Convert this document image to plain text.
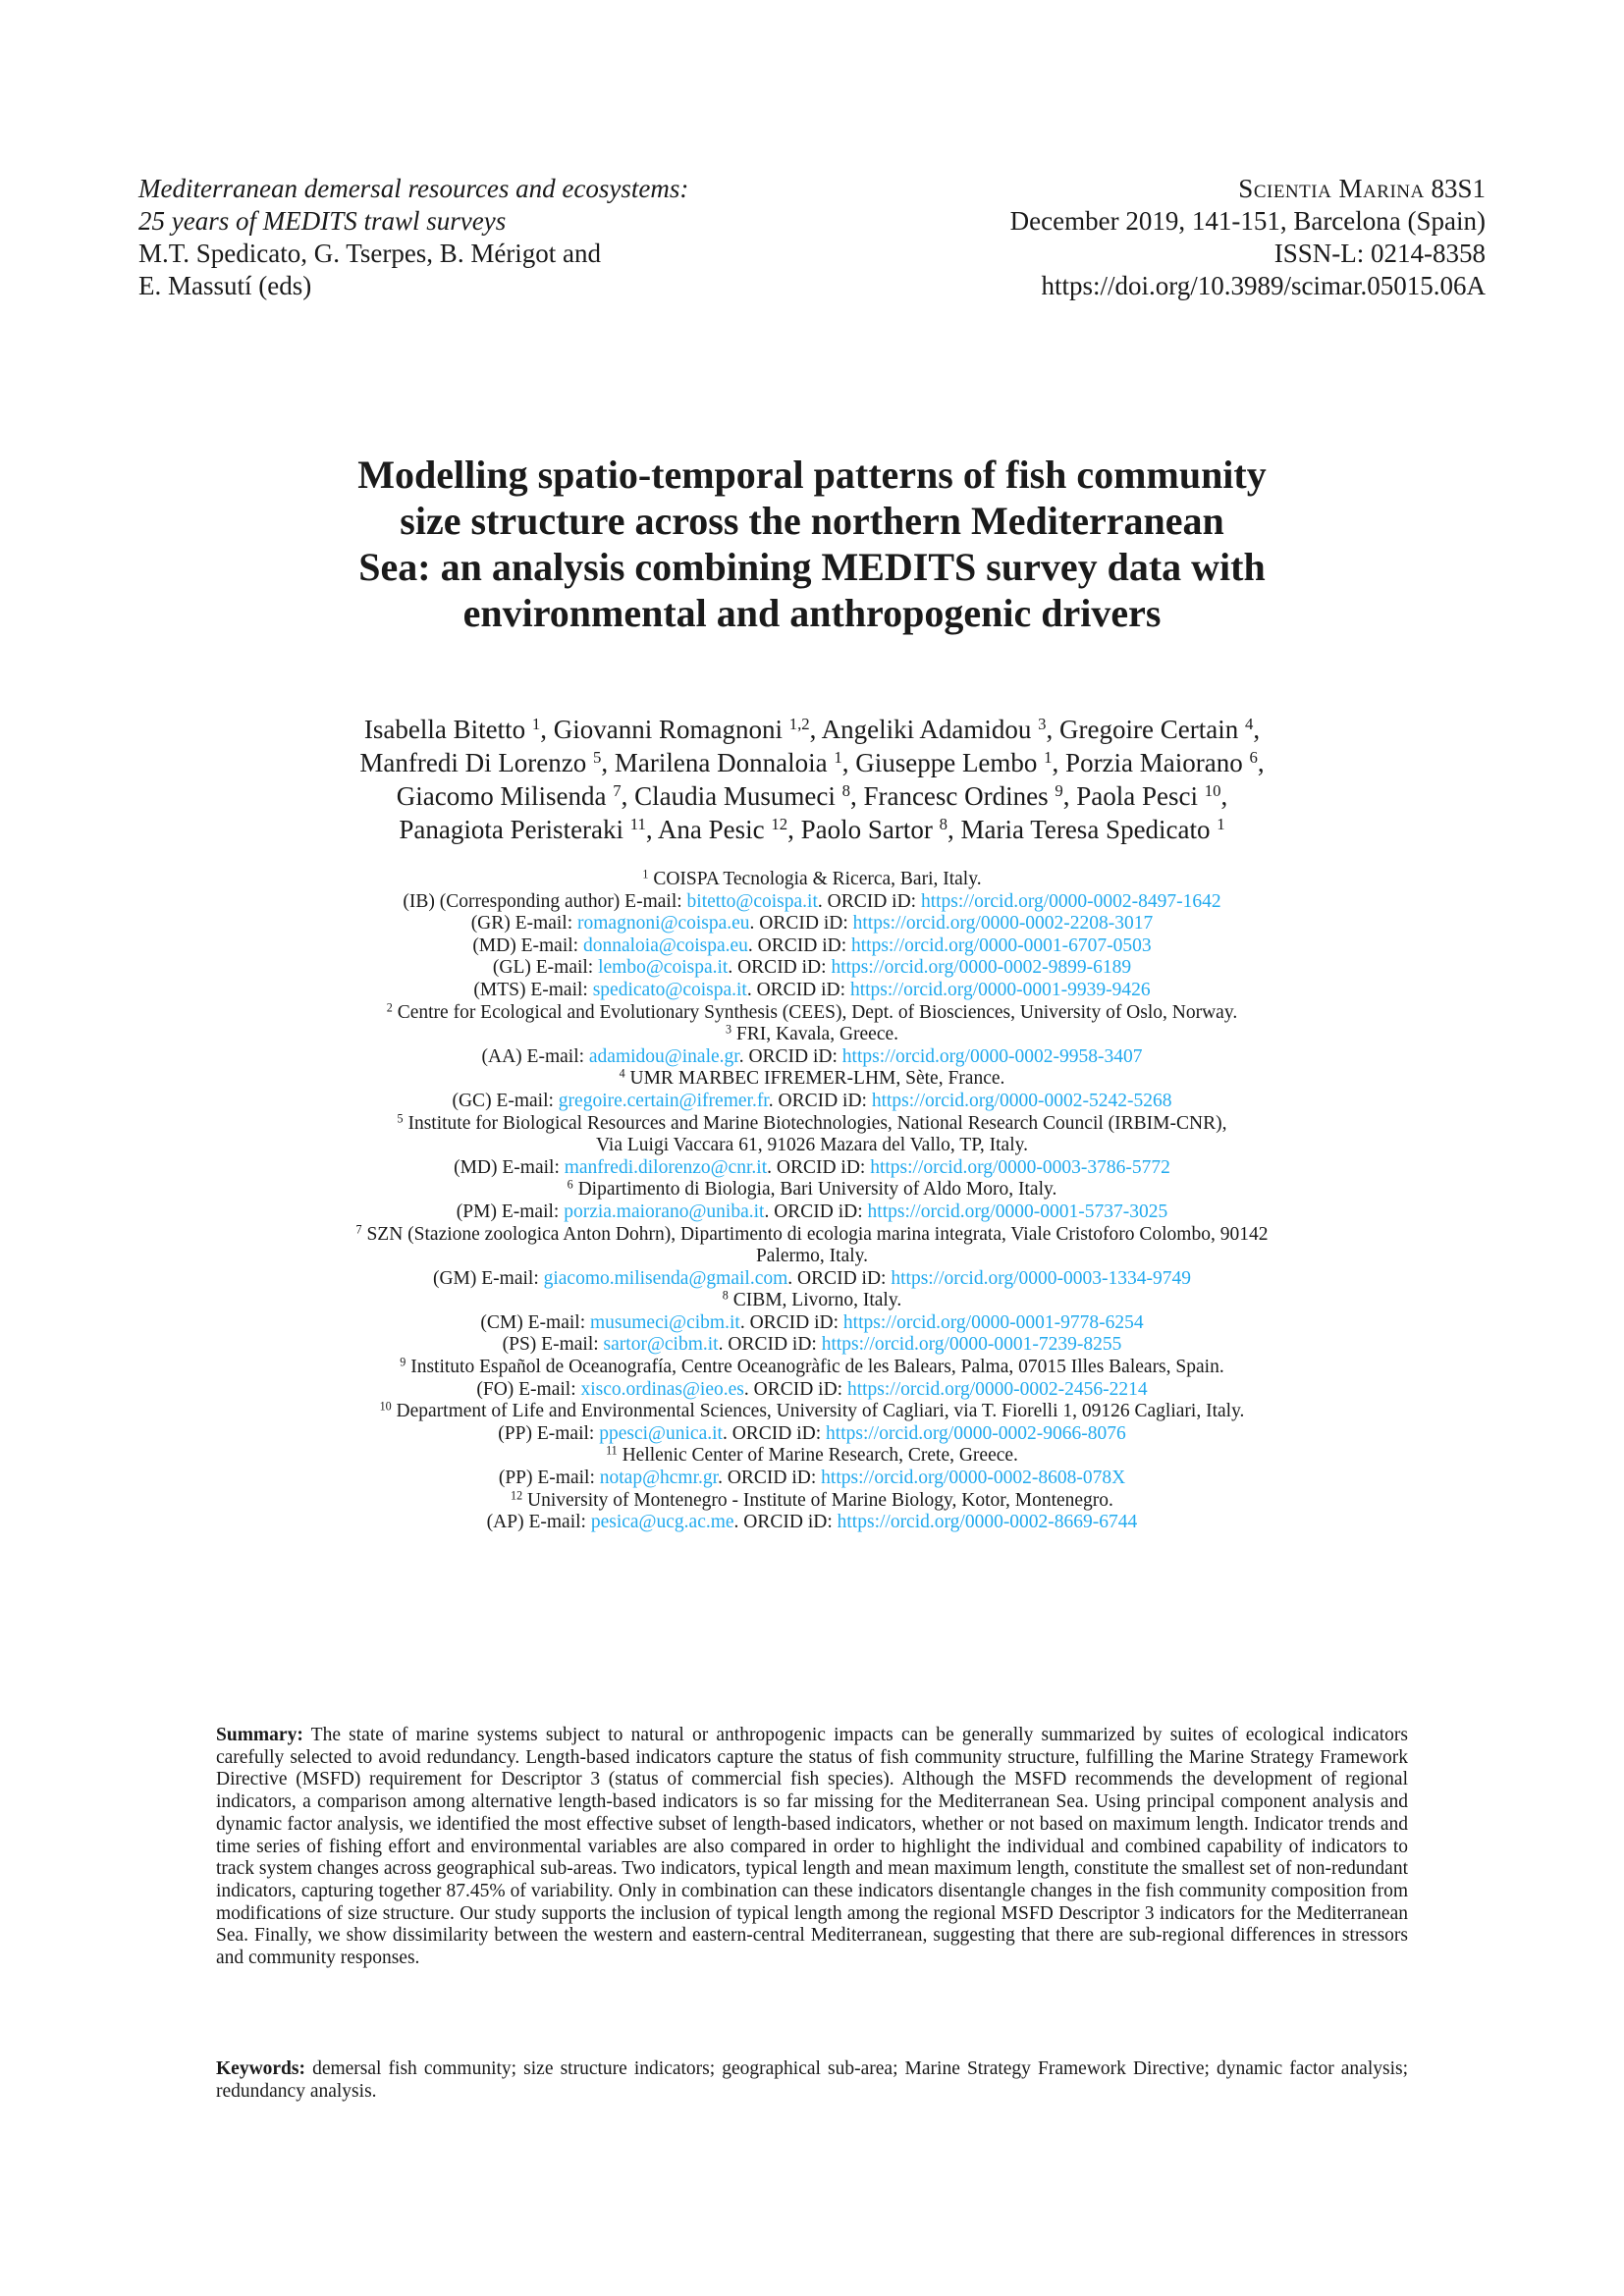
Mediterranean demersal resources and ecosystems:
25 years of MEDITS trawl surveys
M.T. Spedicato, G. Tserpes, B. Mérigot and
E. Massutí (eds)
Scientia Marina 83S1
December 2019, 141-151, Barcelona (Spain)
ISSN-L: 0214-8358
https://doi.org/10.3989/scimar.05015.06A
Modelling spatio-temporal patterns of fish community
size structure across the northern Mediterranean
Sea: an analysis combining MEDITS survey data with
environmental and anthropogenic drivers
Isabella Bitetto $^1$, Giovanni Romagnoni $^{1,2}$, Angeliki Adamidou $^3$, Gregoire Certain $^4$,
Manfredi Di Lorenzo $^5$, Marilena Donnaloia $^1$, Giuseppe Lembo $^1$, Porzia Maiorano $^6$,
Giacomo Milisenda $^7$, Claudia Musumeci $^8$, Francesc Ordines $^9$, Paola Pesci $^{10}$,
Panagiota Peristeraki $^{11}$, Ana Pesic $^{12}$, Paolo Sartor $^8$, Maria Teresa Spedicato $^1$
$^1$ COISPA Tecnologia & Ricerca, Bari, Italy.
(IB) (Corresponding author) E-mail: bitetto@coispa.it. ORCID iD: https://orcid.org/0000-0002-8497-1642
(GR) E-mail: romagnoni@coispa.eu. ORCID iD: https://orcid.org/0000-0002-2208-3017
(MD) E-mail: donnaloia@coispa.eu. ORCID iD: https://orcid.org/0000-0001-6707-0503
(GL) E-mail: lembo@coispa.it. ORCID iD: https://orcid.org/0000-0002-9899-6189
(MTS) E-mail: spedicato@coispa.it. ORCID iD: https://orcid.org/0000-0001-9939-9426
$^2$ Centre for Ecological and Evolutionary Synthesis (CEES), Dept. of Biosciences, University of Oslo, Norway.
$^3$ FRI, Kavala, Greece.
(AA) E-mail: adamidou@inale.gr. ORCID iD: https://orcid.org/0000-0002-9958-3407
$^4$ UMR MARBEC IFREMER-LHM, Sète, France.
(GC) E-mail: gregoire.certain@ifremer.fr. ORCID iD: https://orcid.org/0000-0002-5242-5268
$^5$ Institute for Biological Resources and Marine Biotechnologies, National Research Council (IRBIM-CNR),
Via Luigi Vaccara 61, 91026 Mazara del Vallo, TP, Italy.
(MD) E-mail: manfredi.dilorenzo@cnr.it. ORCID iD: https://orcid.org/0000-0003-3786-5772
$^6$ Dipartimento di Biologia, Bari University of Aldo Moro, Italy.
(PM) E-mail: porzia.maiorano@uniba.it. ORCID iD: https://orcid.org/0000-0001-5737-3025
$^7$ SZN (Stazione zoologica Anton Dohrn), Dipartimento di ecologia marina integrata, Viale Cristoforo Colombo, 90142
Palermo, Italy.
(GM) E-mail: giacomo.milisenda@gmail.com. ORCID iD: https://orcid.org/0000-0003-1334-9749
$^8$ CIBM, Livorno, Italy.
(CM) E-mail: musumeci@cibm.it. ORCID iD: https://orcid.org/0000-0001-9778-6254
(PS) E-mail: sartor@cibm.it. ORCID iD: https://orcid.org/0000-0001-7239-8255
$^9$ Instituto Español de Oceanografía, Centre Oceanogràfic de les Balears, Palma, 07015 Illes Balears, Spain.
(FO) E-mail: xisco.ordinas@ieo.es. ORCID iD: https://orcid.org/0000-0002-2456-2214
$^{10}$ Department of Life and Environmental Sciences, University of Cagliari, via T. Fiorelli 1, 09126 Cagliari, Italy.
(PP) E-mail: ppesci@unica.it. ORCID iD: https://orcid.org/0000-0002-9066-8076
$^{11}$ Hellenic Center of Marine Research, Crete, Greece.
(PP) E-mail: notap@hcmr.gr. ORCID iD: https://orcid.org/0000-0002-8608-078X
$^{12}$ University of Montenegro - Institute of Marine Biology, Kotor, Montenegro.
(AP) E-mail: pesica@ucg.ac.me. ORCID iD: https://orcid.org/0000-0002-8669-6744
Summary: The state of marine systems subject to natural or anthropogenic impacts can be generally summarized by suites of ecological indicators carefully selected to avoid redundancy. Length-based indicators capture the status of fish community structure, fulfilling the Marine Strategy Framework Directive (MSFD) requirement for Descriptor 3 (status of commercial fish species). Although the MSFD recommends the development of regional indicators, a comparison among alternative length-based indicators is so far missing for the Mediterranean Sea. Using principal component analysis and dynamic factor analysis, we identified the most effective subset of length-based indicators, whether or not based on maximum length. Indicator trends and time series of fishing effort and environmental variables are also compared in order to highlight the individual and combined capability of indicators to track system changes across geographical sub-areas. Two indicators, typical length and mean maximum length, constitute the smallest set of non-redundant indicators, capturing together 87.45% of variability. Only in combination can these indicators disentangle changes in the fish community composition from modifications of size structure. Our study supports the inclusion of typical length among the regional MSFD Descriptor 3 indicators for the Mediterranean Sea. Finally, we show dissimilarity between the western and eastern-central Mediterranean, suggesting that there are sub-regional differences in stressors and community responses.
Keywords: demersal fish community; size structure indicators; geographical sub-area; Marine Strategy Framework Directive; dynamic factor analysis; redundancy analysis.
